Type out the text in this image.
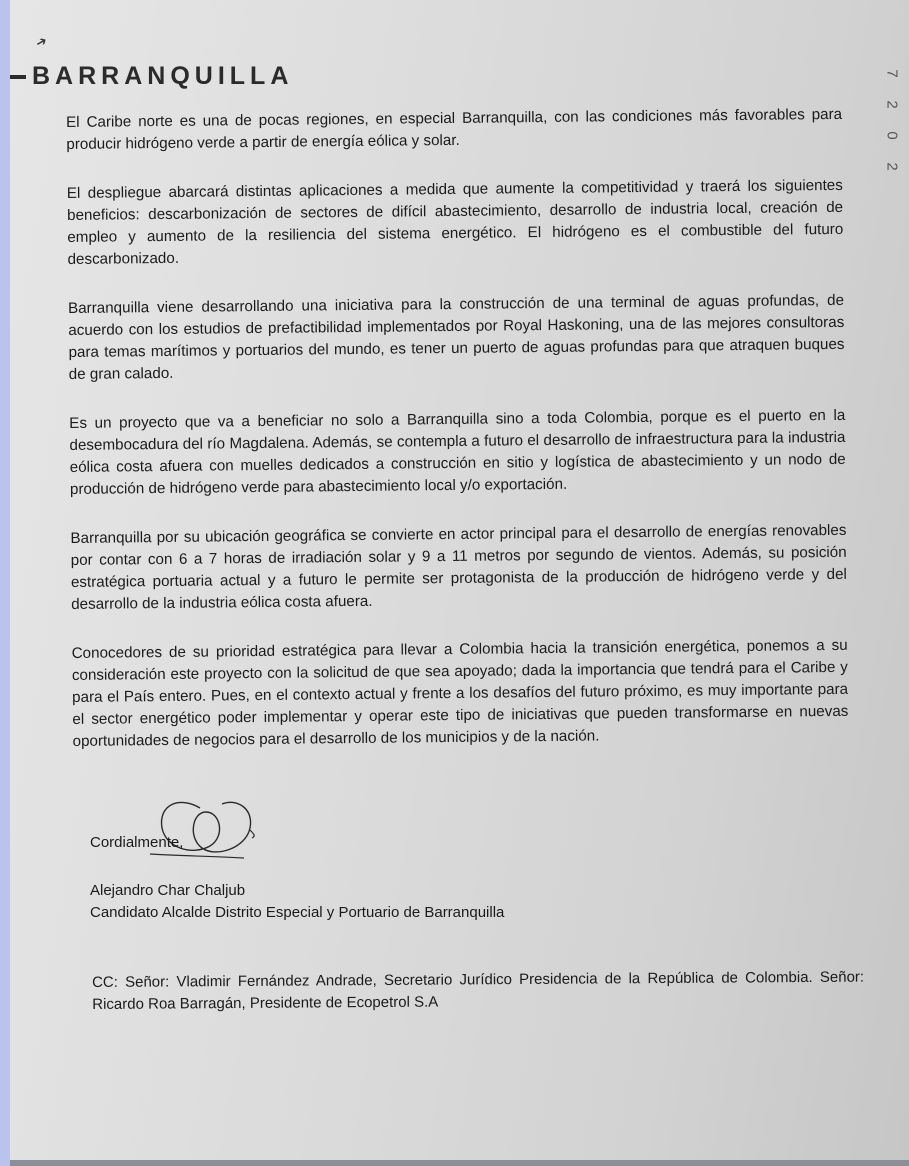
➔
BARRANQUILLA	7
2
0
2

El Caribe norte es una de pocas regiones, en especial Barranquilla, con las condiciones más favorables para producir hidrógeno verde a partir de energía eólica y solar.

El despliegue abarcará distintas aplicaciones a medida que aumente la competitividad y traerá los siguientes beneficios: descarbonización de sectores de difícil abastecimiento, desarrollo de industria local, creación de empleo y aumento de la resiliencia del sistema energético. El hidrógeno es el combustible del futuro descarbonizado.

Barranquilla viene desarrollando una iniciativa para la construcción de una terminal de aguas profundas, de acuerdo con los estudios de prefactibilidad implementados por Royal Haskoning, una de las mejores consultoras para temas marítimos y portuarios del mundo, es tener un puerto de aguas profundas para que atraquen buques de gran calado.

Es un proyecto que va a beneficiar no solo a Barranquilla sino a toda Colombia, porque es el puerto en la desembocadura del río Magdalena. Además, se contempla a futuro el desarrollo de infraestructura para la industria eólica costa afuera con muelles dedicados a construcción en sitio y logística de abastecimiento y un nodo de producción de hidrógeno verde para abastecimiento local y/o exportación.

Barranquilla por su ubicación geográfica se convierte en actor principal para el desarrollo de energías renovables por contar con 6 a 7 horas de irradiación solar y 9 a 11 metros por segundo de vientos. Además, su posición estratégica portuaria actual y a futuro le permite ser protagonista de la producción de hidrógeno verde y del desarrollo de la industria eólica costa afuera.

Conocedores de su prioridad estratégica para llevar a Colombia hacia la transición energética, ponemos a su consideración este proyecto con la solicitud de que sea apoyado; dada la importancia que tendrá para el Caribe y para el País entero. Pues, en el contexto actual y frente a los desafíos del futuro próximo, es muy importante para el sector energético poder implementar y operar este tipo de iniciativas que pueden transformarse en nuevas oportunidades de negocios para el desarrollo de los municipios y de la nación.

Cordialmente,
Alejandro Char Chaljub
Candidato Alcalde Distrito Especial y Portuario de Barranquilla
CC: Señor: Vladimir Fernández Andrade, Secretario Jurídico Presidencia de la República de Colombia. Señor: Ricardo Roa Barragán, Presidente de Ecopetrol S.A
